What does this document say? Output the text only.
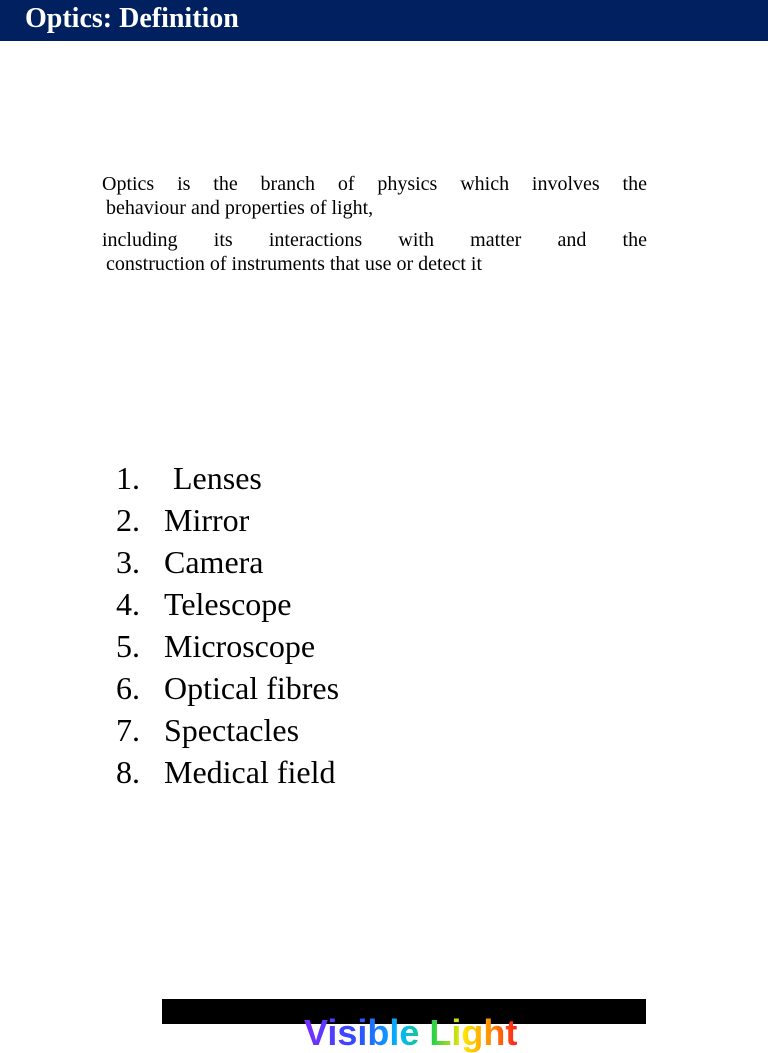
Optics: Definition

Optics is the branch of physics which involves the
behaviour and properties of light,

including its interactions with matter and the
construction of instruments that use or detect it

1.	Lenses
2. Mirror
3. Camera
4. Telescope
5. Microscope
6. Optical fibres
7. Spectacles
8. Medical field
Visible Light
